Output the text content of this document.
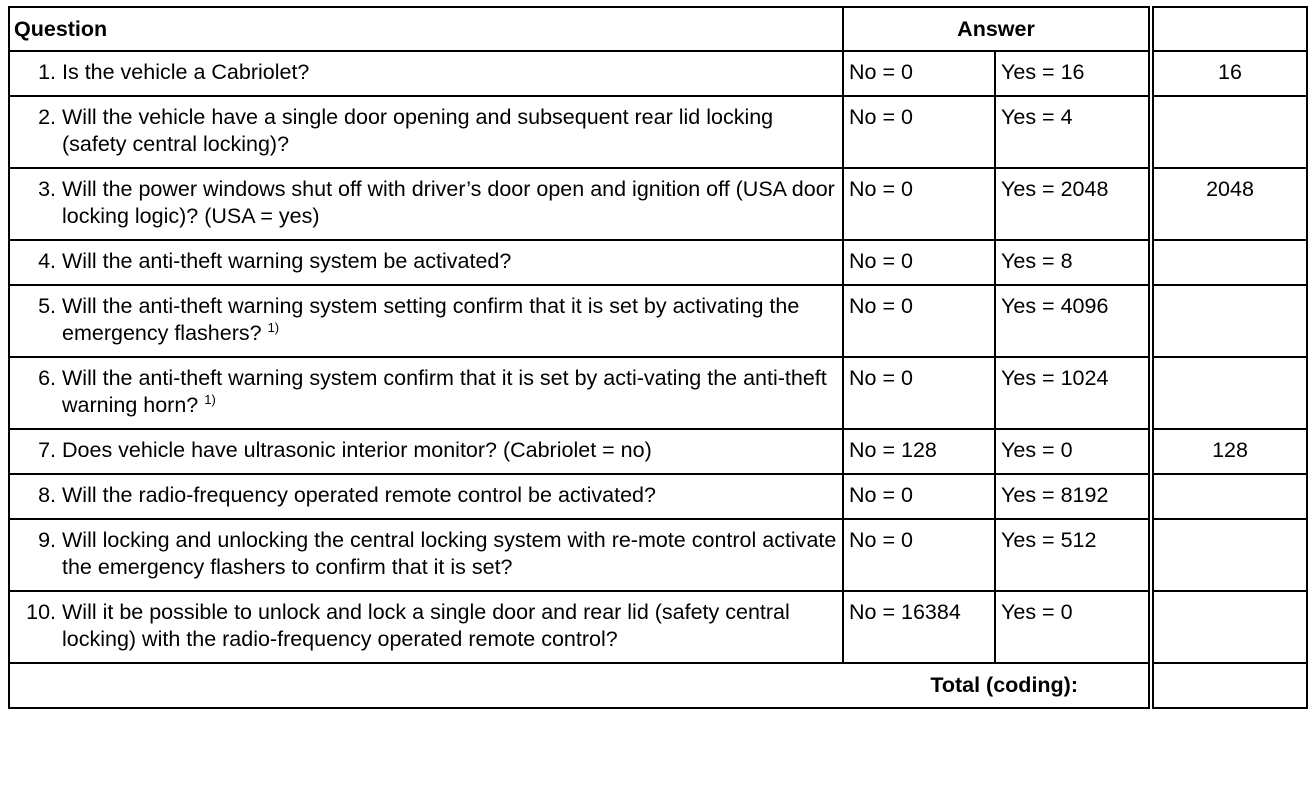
Question	Answer		

1. Is the vehicle a Cabriolet?	No = 0	Yes = 16	16

2. Will the vehicle have a single door opening and subsequent rear lid locking (safety central locking)?	No = 0	Yes = 4	

3. Will the power windows shut off with driver’s door open and ignition off (USA door locking logic)? (USA = yes)	No = 0	Yes = 2048	2048

4. Will the anti-theft warning system be activated?	No = 0	Yes = 8	

5. Will the anti-theft warning system setting confirm that it is set by activating the emergency flashers? $^{1)}$	No = 0	Yes = 4096	

6. Will the anti-theft warning system confirm that it is set by acti-vating the anti-theft warning horn? $^{1)}$	No = 0	Yes = 1024	

7. Does vehicle have ultrasonic interior monitor? (Cabriolet = no)	No = 128	Yes = 0	128

8. Will the radio-frequency operated remote control be activated?	No = 0	Yes = 8192	

9. Will locking and unlocking the central locking system with re-mote control activate the emergency flashers to confirm that it is set?	No = 0	Yes = 512	

10. Will it be possible to unlock and lock a single door and rear lid (safety central locking) with the radio-frequency operated remote control?	No = 16384	Yes = 0	
Total (coding):			
